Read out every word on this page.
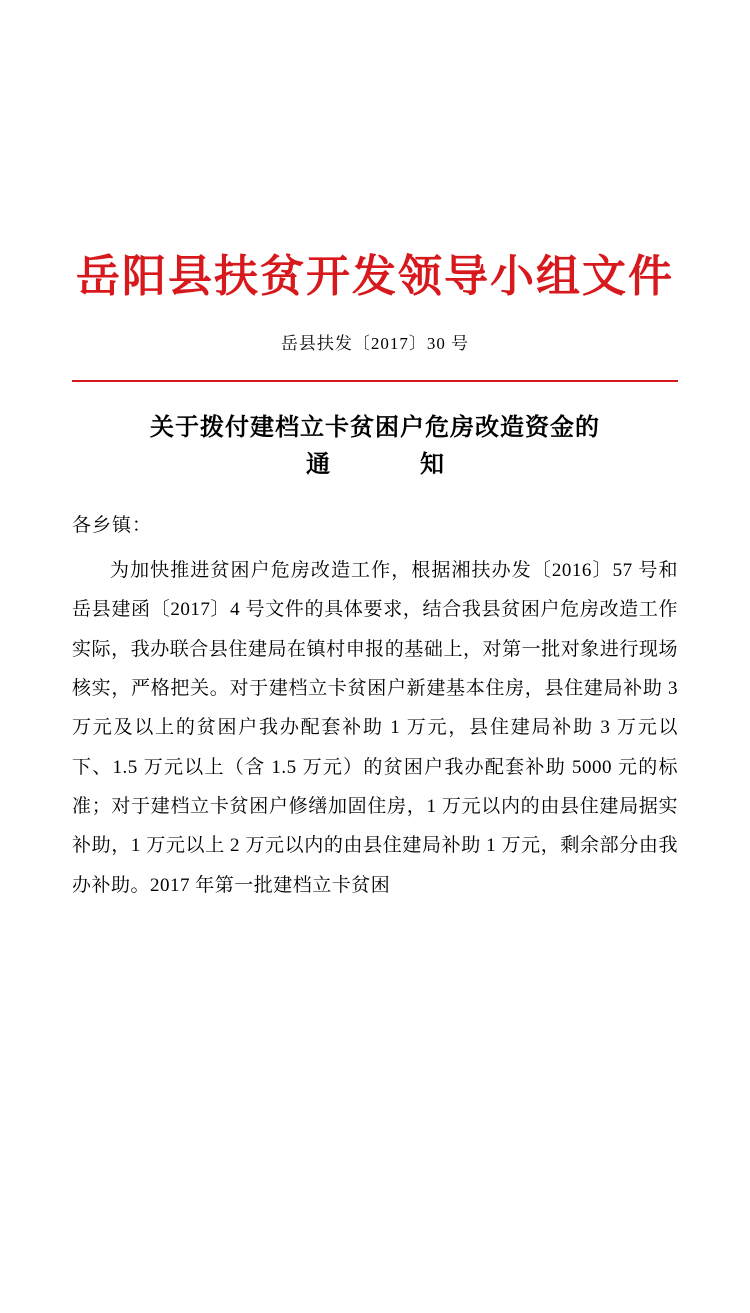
岳阳县扶贫开发领导小组文件
岳县扶发〔2017〕30 号
关于拨付建档立卡贫困户危房改造资金的
通　　知
各乡镇：
为加快推进贫困户危房改造工作，根据湘扶办发〔2016〕57 号和岳县建函〔2017〕4 号文件的具体要求，结合我县贫困户危房改造工作实际，我办联合县住建局在镇村申报的基础上，对第一批对象进行现场核实，严格把关。对于建档立卡贫困户新建基本住房，县住建局补助 3 万元及以上的贫困户我办配套补助 1 万元，县住建局补助 3 万元以下、1.5 万元以上（含 1.5 万元）的贫困户我办配套补助 5000 元的标准；对于建档立卡贫困户修缮加固住房，1 万元以内的由县住建局据实补助，1 万元以上 2 万元以内的由县住建局补助 1 万元，剩余部分由我办补助。2017 年第一批建档立卡贫困
